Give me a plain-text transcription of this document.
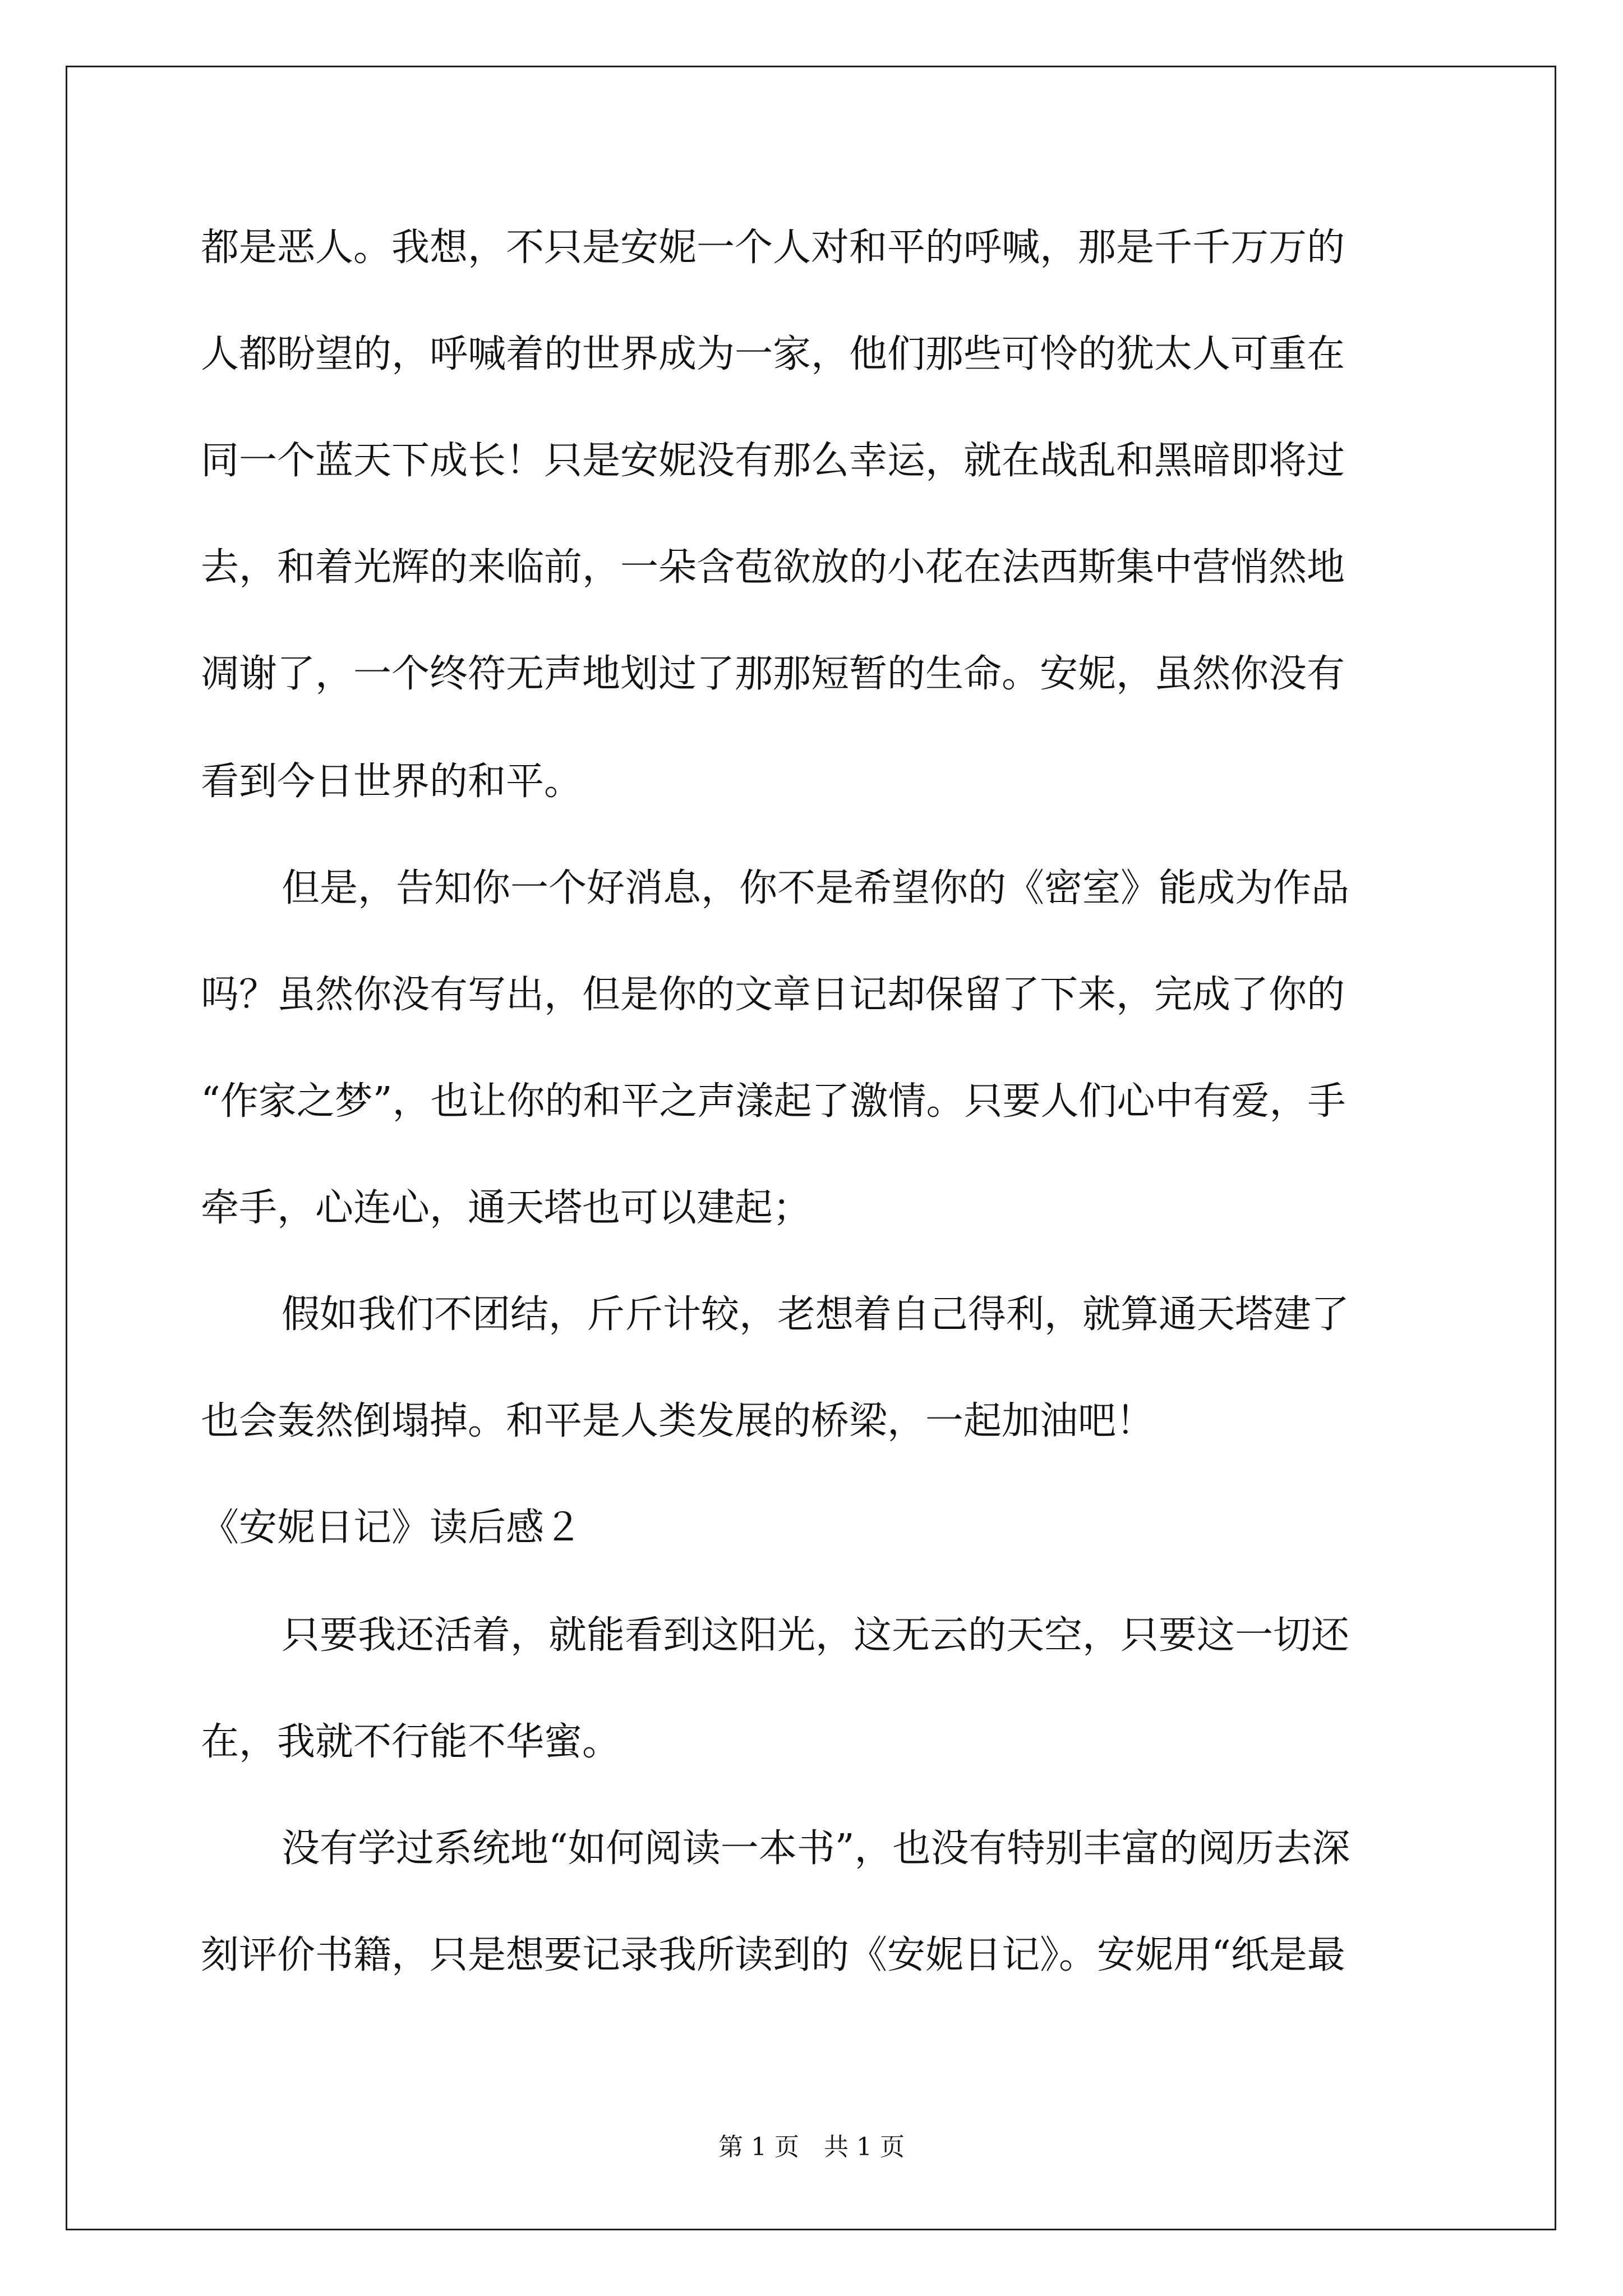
都是恶人。我想，不只是安妮一个人对和平的呼喊，那是千千万万的

人都盼望的，呼喊着的世界成为一家，他们那些可怜的犹太人可重在

同一个蓝天下成长！只是安妮没有那么幸运，就在战乱和黑暗即将过

去，和着光辉的来临前，一朵含苞欲放的小花在法西斯集中营悄然地

凋谢了，一个终符无声地划过了那那短暂的生命。安妮，虽然你没有

看到今日世界的和平。

但是，告知你一个好消息，你不是希望你的《密室》能成为作品

吗？虽然你没有写出，但是你的文章日记却保留了下来，完成了你的

“作家之梦”，也让你的和平之声漾起了激情。只要人们心中有爱，手

牵手，心连心，通天塔也可以建起；

假如我们不团结，斤斤计较，老想着自己得利，就算通天塔建了

也会轰然倒塌掉。和平是人类发展的桥梁，一起加油吧！

《安妮日记》读后感２

只要我还活着，就能看到这阳光，这无云的天空，只要这一切还

在，我就不行能不华蜜。

没有学过系统地“如何阅读一本书”，也没有特别丰富的阅历去深

刻评价书籍，只是想要记录我所读到的《安妮日记》。安妮用“纸是最

第 1 页　共 1 页
